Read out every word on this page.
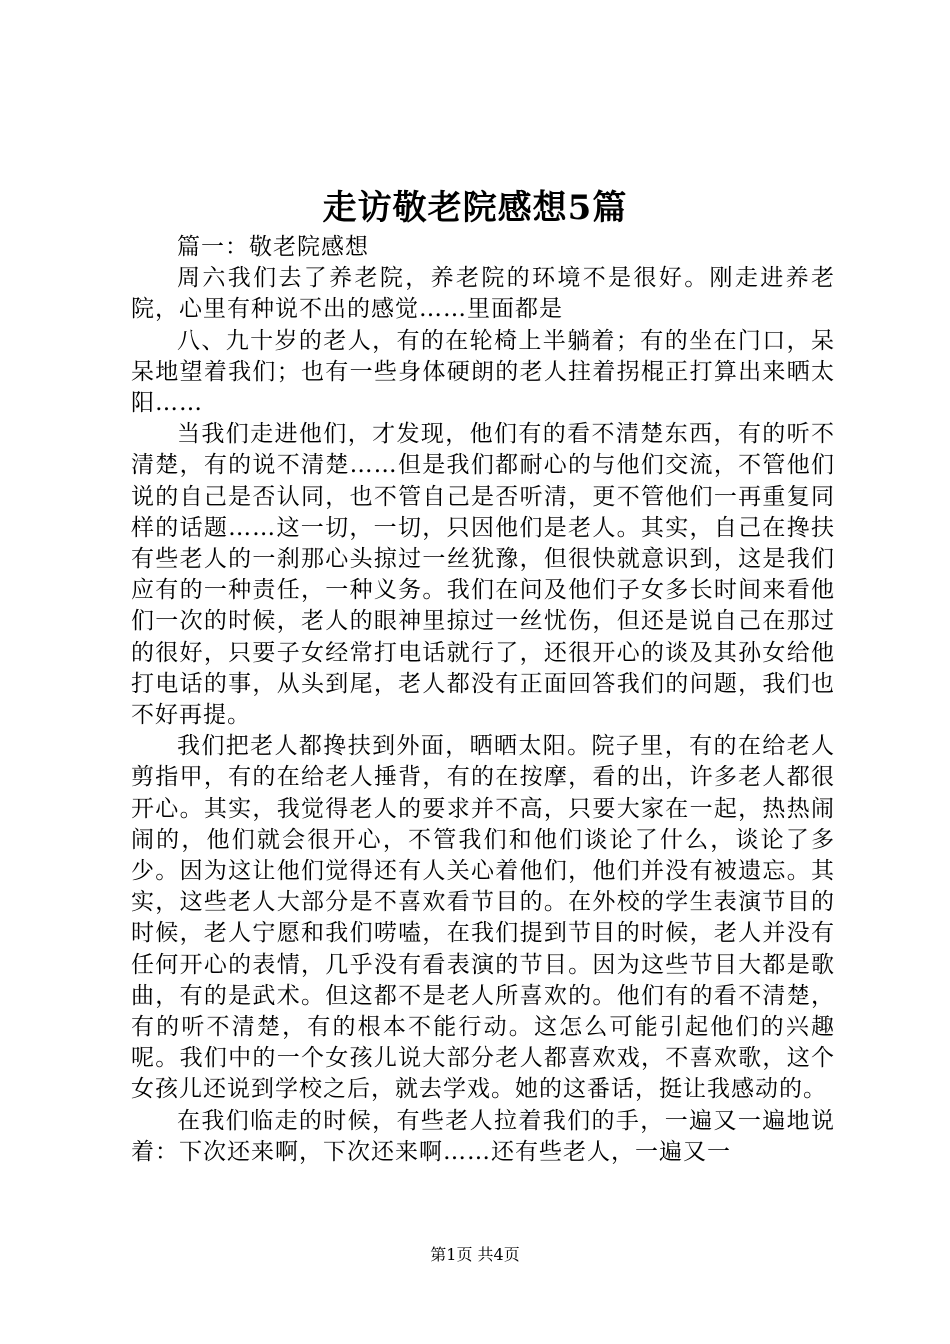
走访敬老院感想5篇

篇一：敬老院感想

周六我们去了养老院，养老院的环境不是很好。刚走进养老院，心里有种说不出的感觉……里面都是

八、九十岁的老人，有的在轮椅上半躺着；有的坐在门口，呆呆地望着我们；也有一些身体硬朗的老人拄着拐棍正打算出来晒太阳……

当我们走进他们，才发现，他们有的看不清楚东西，有的听不清楚，有的说不清楚……但是我们都耐心的与他们交流，不管他们说的自己是否认同，也不管自己是否听清，更不管他们一再重复同样的话题……这一切，一切，只因他们是老人。其实，自己在搀扶有些老人的一刹那心头掠过一丝犹豫，但很快就意识到，这是我们应有的一种责任，一种义务。我们在问及他们子女多长时间来看他们一次的时候，老人的眼神里掠过一丝忧伤，但还是说自己在那过的很好，只要子女经常打电话就行了，还很开心的谈及其孙女给他打电话的事，从头到尾，老人都没有正面回答我们的问题，我们也不好再提。

我们把老人都搀扶到外面，晒晒太阳。院子里，有的在给老人剪指甲，有的在给老人捶背，有的在按摩，看的出，许多老人都很开心。其实，我觉得老人的要求并不高，只要大家在一起，热热闹闹的，他们就会很开心，不管我们和他们谈论了什么，谈论了多少。因为这让他们觉得还有人关心着他们，他们并没有被遗忘。其实，这些老人大部分是不喜欢看节目的。在外校的学生表演节目的时候，老人宁愿和我们唠嗑，在我们提到节目的时候，老人并没有任何开心的表情，几乎没有看表演的节目。因为这些节目大都是歌曲，有的是武术。但这都不是老人所喜欢的。他们有的看不清楚，有的听不清楚，有的根本不能行动。这怎么可能引起他们的兴趣呢。我们中的一个女孩儿说大部分老人都喜欢戏，不喜欢歌，这个女孩儿还说到学校之后，就去学戏。她的这番话，挺让我感动的。

在我们临走的时候，有些老人拉着我们的手，一遍又一遍地说着：下次还来啊，下次还来啊……还有些老人，一遍又一

第1页 共4页
